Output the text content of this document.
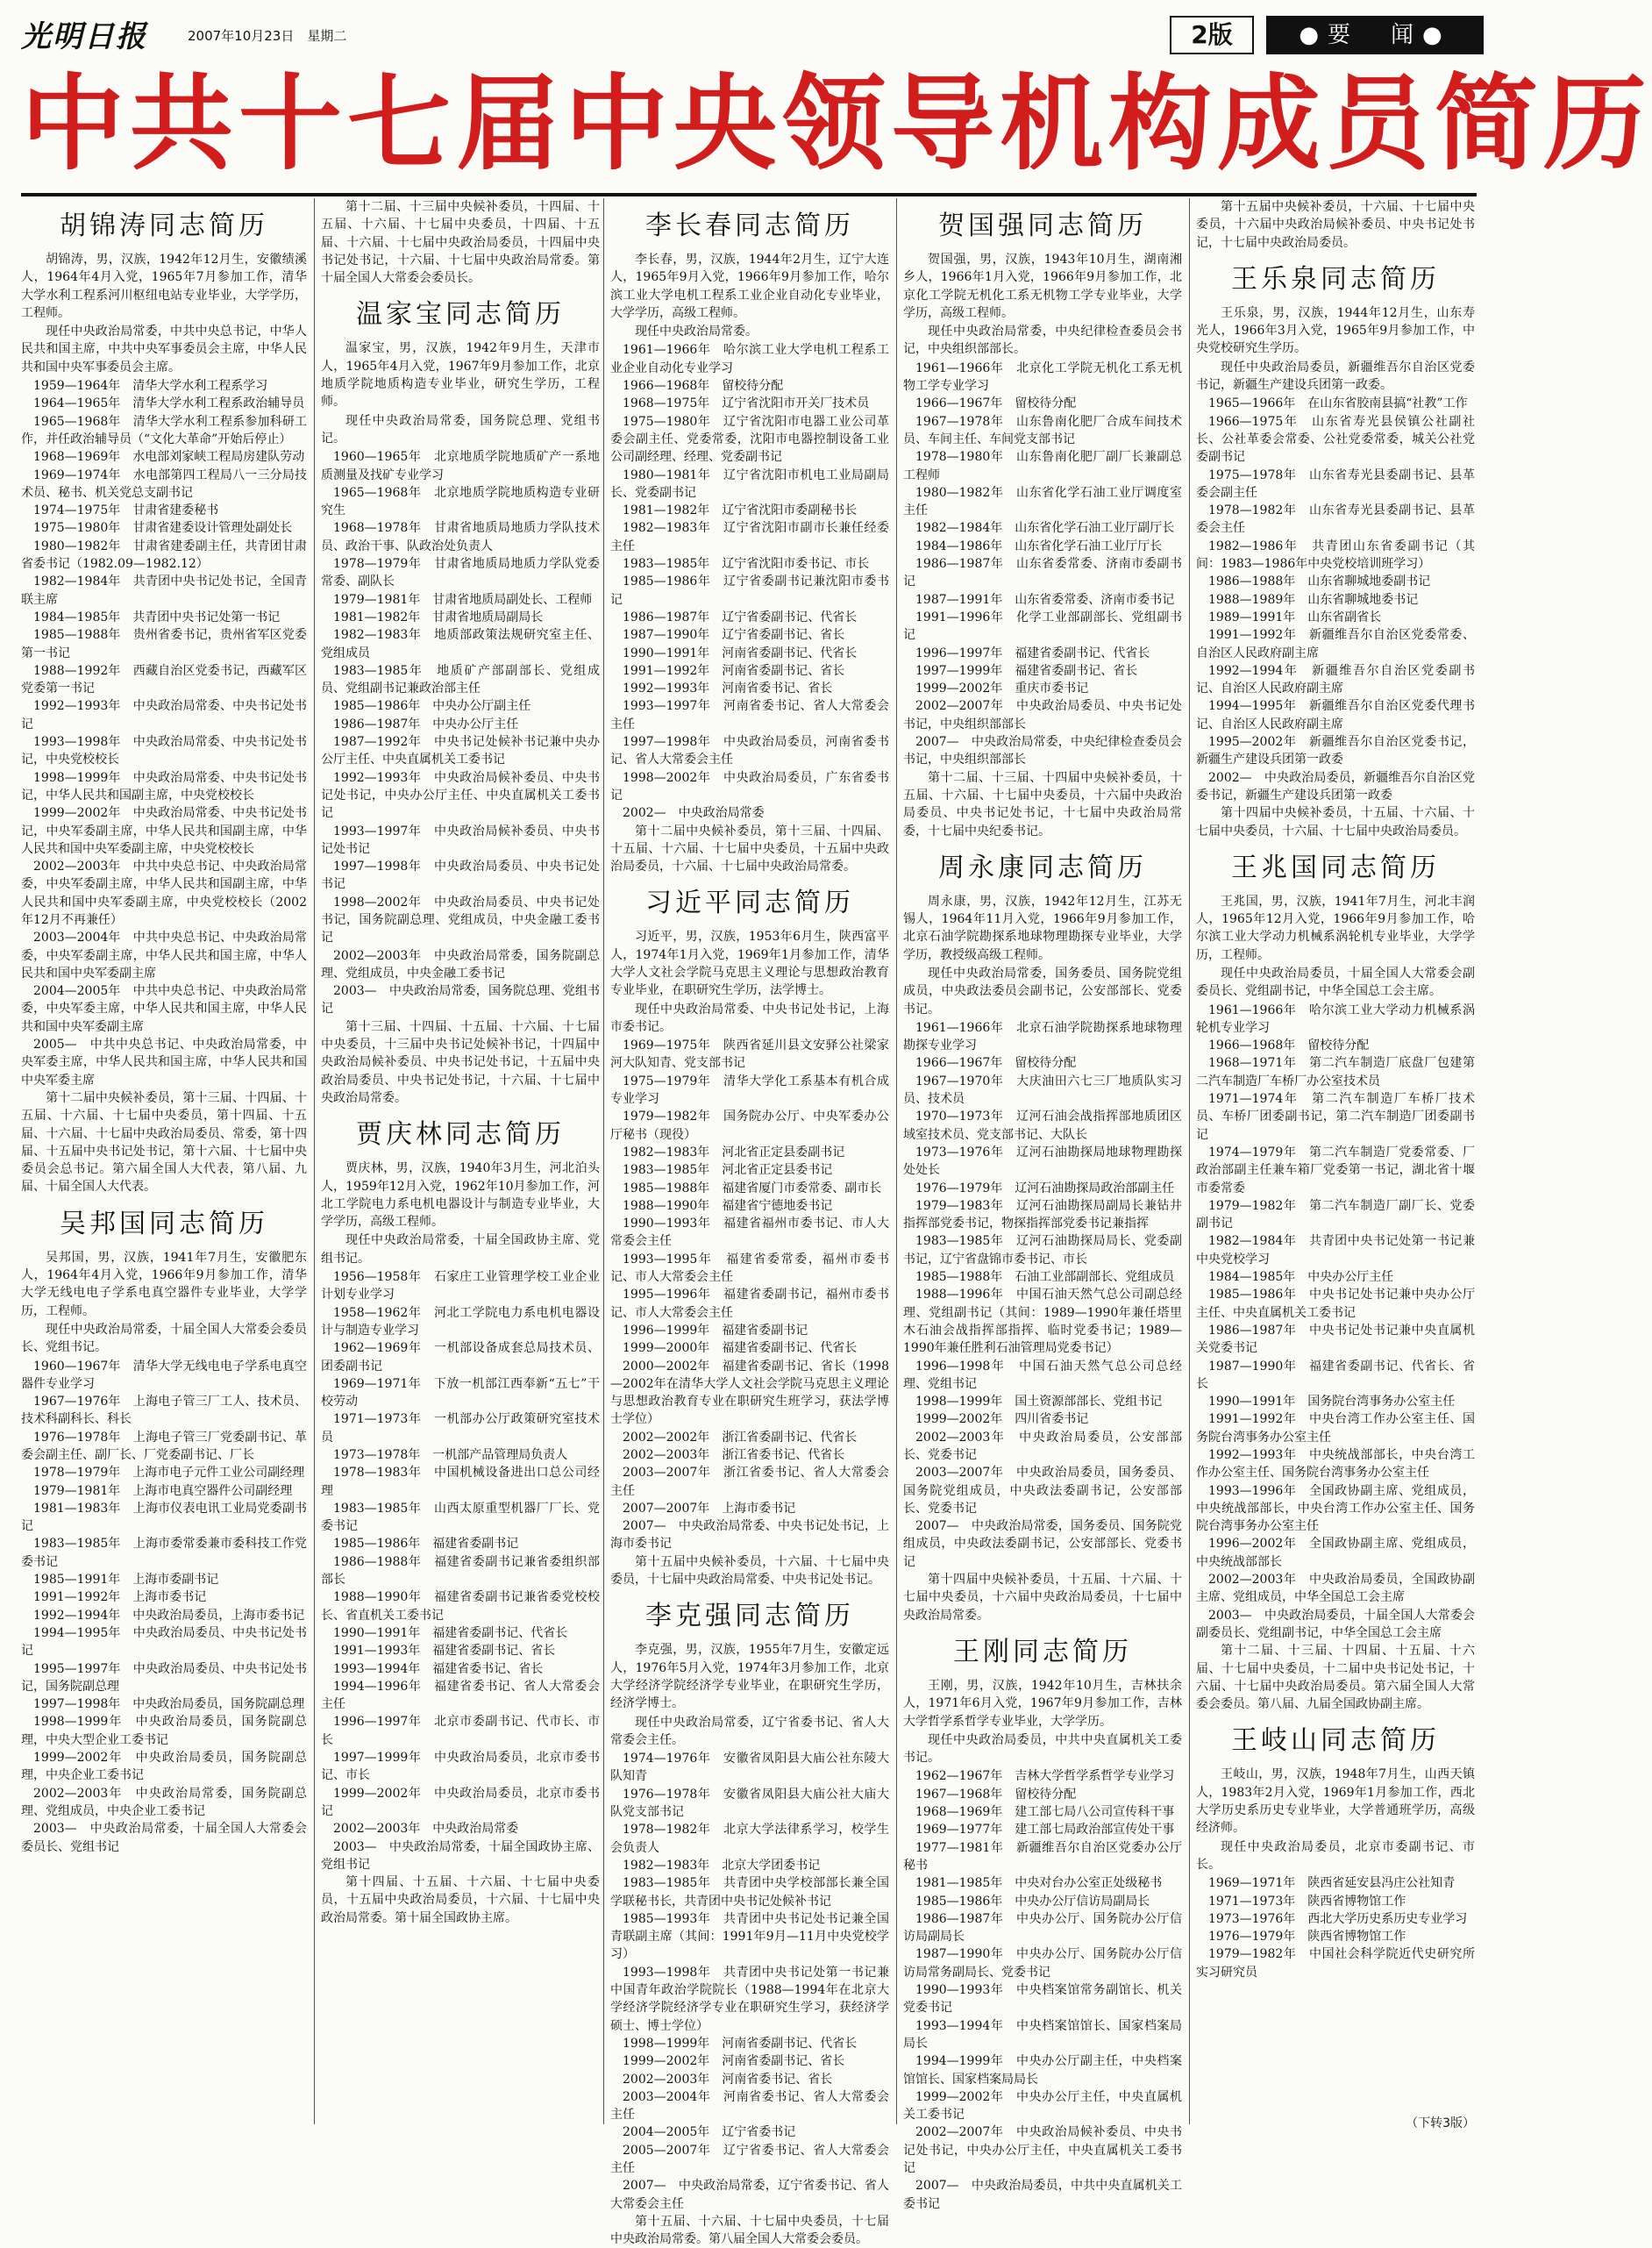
光明日报	2007年10月23日　星期二	2版	●要　闻●
中共十七届中央领导机构成员简历
胡锦涛同志简历

胡锦涛，男，汉族，1942年12月生，安徽绩溪人，1964年4月入党，1965年7月参加工作，清华大学水利工程系河川枢纽电站专业毕业，大学学历，工程师。

现任中央政治局常委，中共中央总书记，中华人民共和国主席，中共中央军事委员会主席，中华人民共和国中央军事委员会主席。

1959—1964年　清华大学水利工程系学习
1964—1965年　清华大学水利工程系政治辅导员
1965—1968年　清华大学水利工程系参加科研工作，并任政治辅导员（“文化大革命”开始后停止）
1968—1969年　水电部刘家峡工程局房建队劳动
1969—1974年　水电部第四工程局八一三分局技术员、秘书、机关党总支副书记
1974—1975年　甘肃省建委秘书
1975—1980年　甘肃省建委设计管理处副处长
1980—1982年　甘肃省建委副主任，共青团甘肃省委书记（1982.09—1982.12）
1982—1984年　共青团中央书记处书记，全国青联主席
1984—1985年　共青团中央书记处第一书记
1985—1988年　贵州省委书记，贵州省军区党委第一书记
1988—1992年　西藏自治区党委书记，西藏军区党委第一书记
1992—1993年　中央政治局常委、中央书记处书记
1993—1998年　中央政治局常委、中央书记处书记，中央党校校长
1998—1999年　中央政治局常委、中央书记处书记，中华人民共和国副主席，中央党校校长
1999—2002年　中央政治局常委、中央书记处书记，中央军委副主席，中华人民共和国副主席，中华人民共和国中央军委副主席，中央党校校长
2002—2003年　中共中央总书记、中央政治局常委，中央军委副主席，中华人民共和国副主席，中华人民共和国中央军委副主席，中央党校校长（2002年12月不再兼任）
2003—2004年　中共中央总书记、中央政治局常委，中央军委副主席，中华人民共和国主席，中华人民共和国中央军委副主席
2004—2005年　中共中央总书记、中央政治局常委，中央军委主席，中华人民共和国主席，中华人民共和国中央军委副主席
2005—　中共中央总书记、中央政治局常委，中央军委主席，中华人民共和国主席，中华人民共和国中央军委主席

第十二届中央候补委员，第十三届、十四届、十五届、十六届、十七届中央委员，第十四届、十五届、十六届、十七届中央政治局委员、常委，第十四届、十五届中央书记处书记，第十六届、十七届中央委员会总书记。第六届全国人大代表，第八届、九届、十届全国人大代表。

吴邦国同志简历

吴邦国，男，汉族，1941年7月生，安徽肥东人，1964年4月入党，1966年9月参加工作，清华大学无线电电子学系电真空器件专业毕业，大学学历，工程师。

现任中央政治局常委，十届全国人大常委会委员长、党组书记。

1960—1967年　清华大学无线电电子学系电真空器件专业学习
1967—1976年　上海电子管三厂工人、技术员、技术科副科长、科长
1976—1978年　上海电子管三厂党委副书记、革委会副主任、副厂长、厂党委副书记、厂长
1978—1979年　上海市电子元件工业公司副经理
1979—1981年　上海市电真空器件公司副经理
1981—1983年　上海市仪表电讯工业局党委副书记
1983—1985年　上海市委常委兼市委科技工作党委书记
1985—1991年　上海市委副书记
1991—1992年　上海市委书记
1992—1994年　中央政治局委员，上海市委书记
1994—1995年　中央政治局委员、中央书记处书记
1995—1997年　中央政治局委员、中央书记处书记，国务院副总理
1997—1998年　中央政治局委员，国务院副总理
1998—1999年　中央政治局委员，国务院副总理，中央大型企业工委书记
1999—2002年　中央政治局委员，国务院副总理，中央企业工委书记
2002—2003年　中央政治局常委，国务院副总理、党组成员，中央企业工委书记
2003—　中央政治局常委，十届全国人大常委会委员长、党组书记

第十二届、十三届中央候补委员，十四届、十五届、十六届、十七届中央委员，十四届、十五届、十六届、十七届中央政治局委员，十四届中央书记处书记，十六届、十七届中央政治局常委。第十届全国人大常委会委员长。

温家宝同志简历

温家宝，男，汉族，1942年9月生，天津市人，1965年4月入党，1967年9月参加工作，北京地质学院地质构造专业毕业，研究生学历，工程师。

现任中央政治局常委，国务院总理、党组书记。

1960—1965年　北京地质学院地质矿产一系地质测量及找矿专业学习
1965—1968年　北京地质学院地质构造专业研究生
1968—1978年　甘肃省地质局地质力学队技术员、政治干事、队政治处负责人
1978—1979年　甘肃省地质局地质力学队党委常委、副队长
1979—1981年　甘肃省地质局副处长、工程师
1981—1982年　甘肃省地质局副局长
1982—1983年　地质部政策法规研究室主任、党组成员
1983—1985年　地质矿产部副部长、党组成员、党组副书记兼政治部主任
1985—1986年　中央办公厅副主任
1986—1987年　中央办公厅主任
1987—1992年　中央书记处候补书记兼中央办公厅主任、中央直属机关工委书记
1992—1993年　中央政治局候补委员、中央书记处书记，中央办公厅主任、中央直属机关工委书记
1993—1997年　中央政治局候补委员、中央书记处书记
1997—1998年　中央政治局委员、中央书记处书记
1998—2002年　中央政治局委员、中央书记处书记，国务院副总理、党组成员，中央金融工委书记
2002—2003年　中央政治局常委，国务院副总理、党组成员，中央金融工委书记
2003—　中央政治局常委，国务院总理、党组书记

第十三届、十四届、十五届、十六届、十七届中央委员，十三届中央书记处候补书记，十四届中央政治局候补委员、中央书记处书记，十五届中央政治局委员、中央书记处书记，十六届、十七届中央政治局常委。

贾庆林同志简历

贾庆林，男，汉族，1940年3月生，河北泊头人，1959年12月入党，1962年10月参加工作，河北工学院电力系电机电器设计与制造专业毕业，大学学历，高级工程师。

现任中央政治局常委，十届全国政协主席、党组书记。

1956—1958年　石家庄工业管理学校工业企业计划专业学习
1958—1962年　河北工学院电力系电机电器设计与制造专业学习
1962—1969年　一机部设备成套总局技术员、团委副书记
1969—1971年　下放一机部江西奉新“五七”干校劳动
1971—1973年　一机部办公厅政策研究室技术员
1973—1978年　一机部产品管理局负责人
1978—1983年　中国机械设备进出口总公司经理
1983—1985年　山西太原重型机器厂厂长、党委书记
1985—1986年　福建省委副书记
1986—1988年　福建省委副书记兼省委组织部部长
1988—1990年　福建省委副书记兼省委党校校长、省直机关工委书记
1990—1991年　福建省委副书记、代省长
1991—1993年　福建省委副书记、省长
1993—1994年　福建省委书记、省长
1994—1996年　福建省委书记、省人大常委会主任
1996—1997年　北京市委副书记、代市长、市长
1997—1999年　中央政治局委员，北京市委书记、市长
1999—2002年　中央政治局委员，北京市委书记
2002—2003年　中央政治局常委
2003—　中央政治局常委，十届全国政协主席、党组书记

第十四届、十五届、十六届、十七届中央委员，十五届中央政治局委员，十六届、十七届中央政治局常委。第十届全国政协主席。

李长春同志简历

李长春，男，汉族，1944年2月生，辽宁大连人，1965年9月入党，1966年9月参加工作，哈尔滨工业大学电机工程系工业企业自动化专业毕业，大学学历，高级工程师。

现任中央政治局常委。

1961—1966年　哈尔滨工业大学电机工程系工业企业自动化专业学习
1966—1968年　留校待分配
1968—1975年　辽宁省沈阳市开关厂技术员
1975—1980年　辽宁省沈阳市电器工业公司革委会副主任、党委常委，沈阳市电器控制设备工业公司副经理、经理、党委副书记
1980—1981年　辽宁省沈阳市机电工业局副局长、党委副书记
1981—1982年　辽宁省沈阳市委副秘书长
1982—1983年　辽宁省沈阳市副市长兼任经委主任
1983—1985年　辽宁省沈阳市委书记、市长
1985—1986年　辽宁省委副书记兼沈阳市委书记
1986—1987年　辽宁省委副书记、代省长
1987—1990年　辽宁省委副书记、省长
1990—1991年　河南省委副书记、代省长
1991—1992年　河南省委副书记、省长
1992—1993年　河南省委书记、省长
1993—1997年　河南省委书记、省人大常委会主任
1997—1998年　中央政治局委员，河南省委书记、省人大常委会主任
1998—2002年　中央政治局委员，广东省委书记
2002—　中央政治局常委

第十二届中央候补委员，第十三届、十四届、十五届、十六届、十七届中央委员，十五届中央政治局委员，十六届、十七届中央政治局常委。

习近平同志简历

习近平，男，汉族，1953年6月生，陕西富平人，1974年1月入党，1969年1月参加工作，清华大学人文社会学院马克思主义理论与思想政治教育专业毕业，在职研究生学历，法学博士。

现任中央政治局常委、中央书记处书记，上海市委书记。

1969—1975年　陕西省延川县文安驿公社梁家河大队知青、党支部书记
1975—1979年　清华大学化工系基本有机合成专业学习
1979—1982年　国务院办公厅、中央军委办公厅秘书（现役）
1982—1983年　河北省正定县委副书记
1983—1985年　河北省正定县委书记
1985—1988年　福建省厦门市委常委、副市长
1988—1990年　福建省宁德地委书记
1990—1993年　福建省福州市委书记、市人大常委会主任
1993—1995年　福建省委常委，福州市委书记、市人大常委会主任
1995—1996年　福建省委副书记，福州市委书记、市人大常委会主任
1996—1999年　福建省委副书记
1999—2000年　福建省委副书记、代省长
2000—2002年　福建省委副书记、省长（1998—2002年在清华大学人文社会学院马克思主义理论与思想政治教育专业在职研究生班学习，获法学博士学位）
2002—2002年　浙江省委副书记、代省长
2002—2003年　浙江省委书记、代省长
2003—2007年　浙江省委书记、省人大常委会主任
2007—2007年　上海市委书记
2007—　中央政治局常委、中央书记处书记，上海市委书记

第十五届中央候补委员，十六届、十七届中央委员，十七届中央政治局常委、中央书记处书记。

李克强同志简历

李克强，男，汉族，1955年7月生，安徽定远人，1976年5月入党，1974年3月参加工作，北京大学经济学院经济学专业毕业，在职研究生学历，经济学博士。

现任中央政治局常委，辽宁省委书记、省人大常委会主任。

1974—1976年　安徽省凤阳县大庙公社东陵大队知青
1976—1978年　安徽省凤阳县大庙公社大庙大队党支部书记
1978—1982年　北京大学法律系学习，校学生会负责人
1982—1983年　北京大学团委书记
1983—1985年　共青团中央学校部部长兼全国学联秘书长，共青团中央书记处候补书记
1985—1993年　共青团中央书记处书记兼全国青联副主席（其间：1991年9月—11月中央党校学习）
1993—1998年　共青团中央书记处第一书记兼中国青年政治学院院长（1988—1994年在北京大学经济学院经济学专业在职研究生学习，获经济学硕士、博士学位）
1998—1999年　河南省委副书记、代省长
1999—2002年　河南省委副书记、省长
2002—2003年　河南省委书记、省长
2003—2004年　河南省委书记、省人大常委会主任
2004—2005年　辽宁省委书记
2005—2007年　辽宁省委书记、省人大常委会主任
2007—　中央政治局常委，辽宁省委书记、省人大常委会主任

第十五届、十六届、十七届中央委员，十七届中央政治局常委。第八届全国人大常委会委员。

贺国强同志简历

贺国强，男，汉族，1943年10月生，湖南湘乡人，1966年1月入党，1966年9月参加工作，北京化工学院无机化工系无机物工学专业毕业，大学学历，高级工程师。

现任中央政治局常委，中央纪律检查委员会书记，中央组织部部长。

1961—1966年　北京化工学院无机化工系无机物工学专业学习
1966—1967年　留校待分配
1967—1978年　山东鲁南化肥厂合成车间技术员、车间主任、车间党支部书记
1978—1980年　山东鲁南化肥厂副厂长兼副总工程师
1980—1982年　山东省化学石油工业厅调度室主任
1982—1984年　山东省化学石油工业厅副厅长
1984—1986年　山东省化学石油工业厅厅长
1986—1987年　山东省委常委、济南市委副书记
1987—1991年　山东省委常委、济南市委书记
1991—1996年　化学工业部副部长、党组副书记
1996—1997年　福建省委副书记、代省长
1997—1999年　福建省委副书记、省长
1999—2002年　重庆市委书记
2002—2007年　中央政治局委员、中央书记处书记，中央组织部部长
2007—　中央政治局常委，中央纪律检查委员会书记，中央组织部部长

第十二届、十三届、十四届中央候补委员，十五届、十六届、十七届中央委员，十六届中央政治局委员、中央书记处书记，十七届中央政治局常委，十七届中央纪委书记。

周永康同志简历

周永康，男，汉族，1942年12月生，江苏无锡人，1964年11月入党，1966年9月参加工作，北京石油学院勘探系地球物理勘探专业毕业，大学学历，教授级高级工程师。

现任中央政治局常委，国务委员、国务院党组成员，中央政法委员会副书记，公安部部长、党委书记。

1961—1966年　北京石油学院勘探系地球物理勘探专业学习
1966—1967年　留校待分配
1967—1970年　大庆油田六七三厂地质队实习员、技术员
1970—1973年　辽河石油会战指挥部地质团区域室技术员、党支部书记、大队长
1973—1976年　辽河石油勘探局地球物理勘探处处长
1976—1979年　辽河石油勘探局政治部副主任
1979—1983年　辽河石油勘探局副局长兼钻井指挥部党委书记，物探指挥部党委书记兼指挥
1983—1985年　辽河石油勘探局局长、党委副书记，辽宁省盘锦市委书记、市长
1985—1988年　石油工业部副部长、党组成员
1988—1996年　中国石油天然气总公司副总经理、党组副书记（其间：1989—1990年兼任塔里木石油会战指挥部指挥、临时党委书记；1989—1990年兼任胜利石油管理局党委书记）
1996—1998年　中国石油天然气总公司总经理、党组书记
1998—1999年　国土资源部部长、党组书记
1999—2002年　四川省委书记
2002—2003年　中央政治局委员，公安部部长、党委书记
2003—2007年　中央政治局委员，国务委员、国务院党组成员，中央政法委副书记，公安部部长、党委书记
2007—　中央政治局常委，国务委员、国务院党组成员，中央政法委副书记，公安部部长、党委书记

第十四届中央候补委员，十五届、十六届、十七届中央委员，十六届中央政治局委员，十七届中央政治局常委。

王刚同志简历

王刚，男，汉族，1942年10月生，吉林扶余人，1971年6月入党，1967年9月参加工作，吉林大学哲学系哲学专业毕业，大学学历。

现任中央政治局委员，中共中央直属机关工委书记。

1962—1967年　吉林大学哲学系哲学专业学习
1967—1968年　留校待分配
1968—1969年　建工部七局八公司宣传科干事
1969—1977年　建工部七局政治部宣传处干事
1977—1981年　新疆维吾尔自治区党委办公厅秘书
1981—1985年　中央对台办公室正处级秘书
1985—1986年　中央办公厅信访局副局长
1986—1987年　中央办公厅、国务院办公厅信访局副局长
1987—1990年　中央办公厅、国务院办公厅信访局常务副局长、党委书记
1990—1993年　中央档案馆常务副馆长、机关党委书记
1993—1994年　中央档案馆馆长、国家档案局局长
1994—1999年　中央办公厅副主任，中央档案馆馆长、国家档案局局长
1999—2002年　中央办公厅主任，中央直属机关工委书记
2002—2007年　中央政治局候补委员、中央书记处书记，中央办公厅主任，中央直属机关工委书记
2007—　中央政治局委员，中共中央直属机关工委书记

第十五届中央候补委员，十六届、十七届中央委员，十六届中央政治局候补委员、中央书记处书记，十七届中央政治局委员。

王乐泉同志简历

王乐泉，男，汉族，1944年12月生，山东寿光人，1966年3月入党，1965年9月参加工作，中央党校研究生学历。

现任中央政治局委员，新疆维吾尔自治区党委书记，新疆生产建设兵团第一政委。

1965—1966年　在山东省胶南县搞“社教”工作
1966—1975年　山东省寿光县侯镇公社副社长、公社革委会常委、公社党委常委，城关公社党委副书记
1975—1978年　山东省寿光县委副书记、县革委会副主任
1978—1982年　山东省寿光县委副书记、县革委会主任
1982—1986年　共青团山东省委副书记（其间：1983—1986年中央党校培训班学习）
1986—1988年　山东省聊城地委副书记
1988—1989年　山东省聊城地委书记
1989—1991年　山东省副省长
1991—1992年　新疆维吾尔自治区党委常委、自治区人民政府副主席
1992—1994年　新疆维吾尔自治区党委副书记、自治区人民政府副主席
1994—1995年　新疆维吾尔自治区党委代理书记、自治区人民政府副主席
1995—2002年　新疆维吾尔自治区党委书记，新疆生产建设兵团第一政委
2002—　中央政治局委员，新疆维吾尔自治区党委书记，新疆生产建设兵团第一政委

第十四届中央候补委员，十五届、十六届、十七届中央委员，十六届、十七届中央政治局委员。

王兆国同志简历

王兆国，男，汉族，1941年7月生，河北丰润人，1965年12月入党，1966年9月参加工作，哈尔滨工业大学动力机械系涡轮机专业毕业，大学学历，工程师。

现任中央政治局委员，十届全国人大常委会副委员长、党组副书记，中华全国总工会主席。

1961—1966年　哈尔滨工业大学动力机械系涡轮机专业学习
1966—1968年　留校待分配
1968—1971年　第二汽车制造厂底盘厂包建第二汽车制造厂车桥厂办公室技术员
1971—1974年　第二汽车制造厂车桥厂技术员、车桥厂团委副书记，第二汽车制造厂团委副书记
1974—1979年　第二汽车制造厂党委常委、厂政治部副主任兼车箱厂党委第一书记，湖北省十堰市委常委
1979—1982年　第二汽车制造厂副厂长、党委副书记
1982—1984年　共青团中央书记处第一书记兼中央党校学习
1984—1985年　中央办公厅主任
1985—1986年　中央书记处书记兼中央办公厅主任、中央直属机关工委书记
1986—1987年　中央书记处书记兼中央直属机关党委书记
1987—1990年　福建省委副书记、代省长、省长
1990—1991年　国务院台湾事务办公室主任
1991—1992年　中央台湾工作办公室主任、国务院台湾事务办公室主任
1992—1993年　中央统战部部长，中央台湾工作办公室主任、国务院台湾事务办公室主任
1993—1996年　全国政协副主席、党组成员，中央统战部部长，中央台湾工作办公室主任、国务院台湾事务办公室主任
1996—2002年　全国政协副主席、党组成员，中央统战部部长
2002—2003年　中央政治局委员，全国政协副主席、党组成员，中华全国总工会主席
2003—　中央政治局委员，十届全国人大常委会副委员长、党组副书记，中华全国总工会主席

第十二届、十三届、十四届、十五届、十六届、十七届中央委员，十二届中央书记处书记，十六届、十七届中央政治局委员。第六届全国人大常委会委员。第八届、九届全国政协副主席。

王岐山同志简历

王岐山，男，汉族，1948年7月生，山西天镇人，1983年2月入党，1969年1月参加工作，西北大学历史系历史专业毕业，大学普通班学历，高级经济师。

现任中央政治局委员，北京市委副书记、市长。

1969—1971年　陕西省延安县冯庄公社知青
1971—1973年　陕西省博物馆工作
1973—1976年　西北大学历史系历史专业学习
1976—1979年　陕西省博物馆工作
1979—1982年　中国社会科学院近代史研究所实习研究员
（下转3版）
